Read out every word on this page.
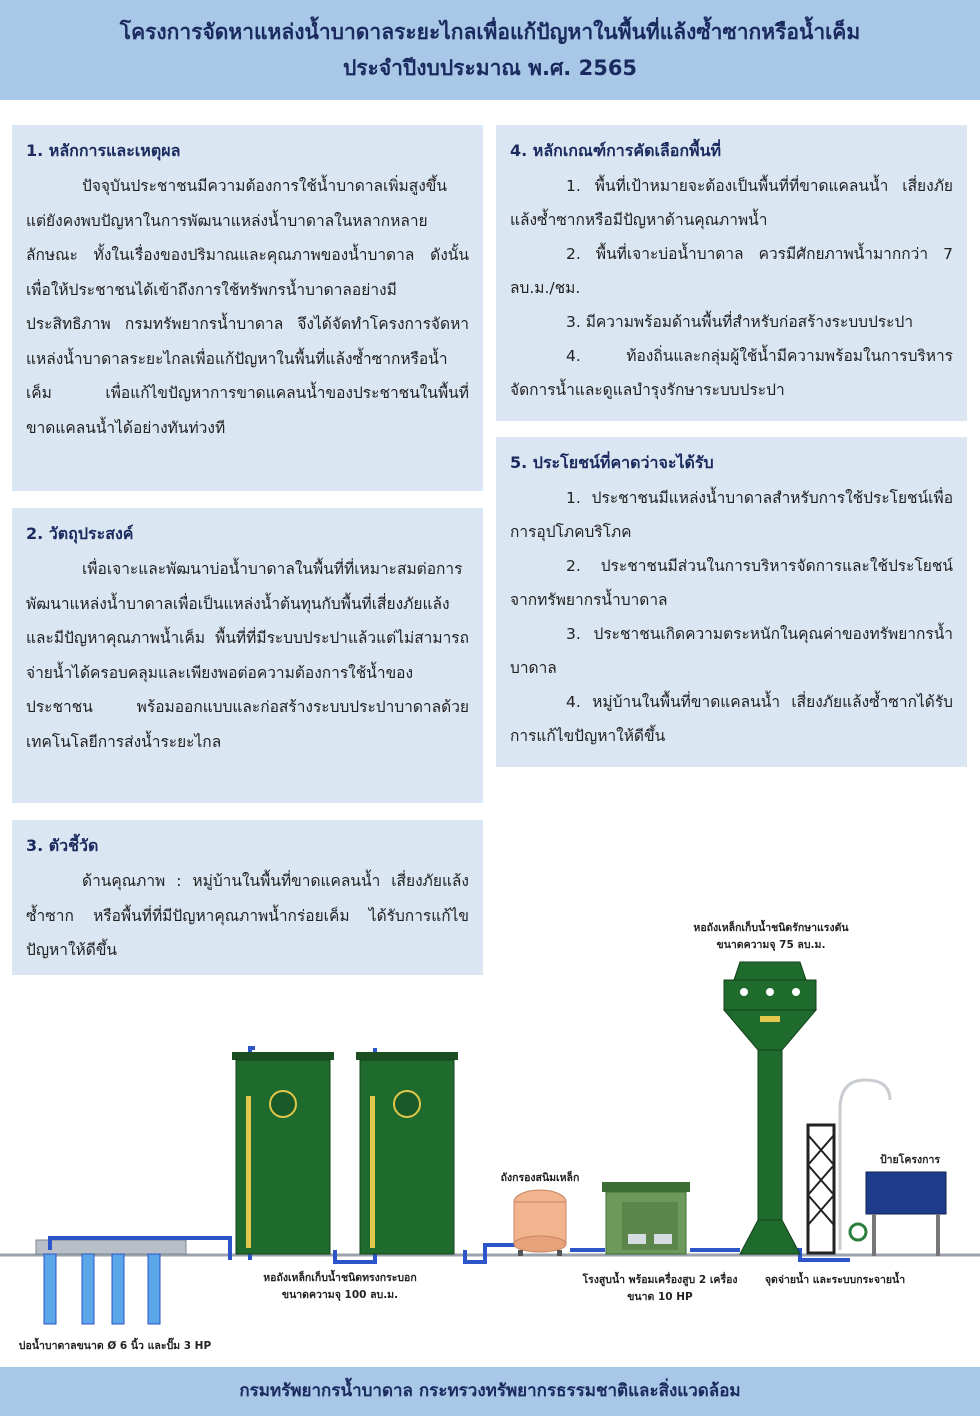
โครงการจัดหาแหล่งน้ำบาดาลระยะไกลเพื่อแก้ปัญหาในพื้นที่แล้งซ้ำซากหรือน้ำเค็ม
ประจำปีงบประมาณ พ.ศ. 2565
1. หลักการและเหตุผล

ปัจจุบันประชาชนมีความต้องการใช้น้ำบาดาลเพิ่มสูงขึ้น แต่ยังคงพบปัญหาในการพัฒนาแหล่งน้ำบาดาลในหลากหลายลักษณะ ทั้งในเรื่องของปริมาณและคุณภาพของน้ำบาดาล ดังนั้น เพื่อให้ประชาชนได้เข้าถึงการใช้ทรัพกรน้ำบาดาลอย่างมีประสิทธิภาพ กรมทรัพยากรน้ำบาดาล จึงได้จัดทำโครงการจัดหาแหล่งน้ำบาดาลระยะไกลเพื่อแก้ปัญหาในพื้นที่แล้งซ้ำซากหรือน้ำเค็ม เพื่อแก้ไขปัญหาการขาดแคลนน้ำของประชาชนในพื้นที่ขาดแคลนน้ำได้อย่างทันท่วงที

2. วัตถุประสงค์

เพื่อเจาะและพัฒนาบ่อน้ำบาดาลในพื้นที่ที่เหมาะสมต่อการพัฒนาแหล่งน้ำบาดาลเพื่อเป็นแหล่งน้ำต้นทุนกับพื้นที่เสี่ยงภัยแล้งและมีปัญหาคุณภาพน้ำเค็ม พื้นที่ที่มีระบบประปาแล้วแต่ไม่สามารถจ่ายน้ำได้ครอบคลุมและเพียงพอต่อความต้องการใช้น้ำของประชาชน พร้อมออกแบบและก่อสร้างระบบประปาบาดาลด้วยเทคโนโลยีการส่งน้ำระยะไกล

3. ตัวชี้วัด

ด้านคุณภาพ : หมู่บ้านในพื้นที่ขาดแคลนน้ำ เสี่ยงภัยแล้งซ้ำซาก หรือพื้นที่ที่มีปัญหาคุณภาพน้ำกร่อยเค็ม ได้รับการแก้ไขปัญหาให้ดีขึ้น

4. หลักเกณฑ์การคัดเลือกพื้นที่

1. พื้นที่เป้าหมายจะต้องเป็นพื้นที่ที่ขาดแคลนน้ำ เสี่ยงภัยแล้งซ้ำซากหรือมีปัญหาด้านคุณภาพน้ำ

2. พื้นที่เจาะบ่อน้ำบาดาล ควรมีศักยภาพน้ำมากกว่า 7 ลบ.ม./ชม.

3. มีความพร้อมด้านพื้นที่สำหรับก่อสร้างระบบประปา

4. ท้องถิ่นและกลุ่มผู้ใช้น้ำมีความพร้อมในการบริหารจัดการน้ำและดูแลบำรุงรักษาระบบประปา

5. ประโยชน์ที่คาดว่าจะได้รับ

1. ประชาชนมีแหล่งน้ำบาดาลสำหรับการใช้ประโยชน์เพื่อการอุปโภคบริโภค

2. ประชาชนมีส่วนในการบริหารจัดการและใช้ประโยชน์จากทรัพยากรน้ำบาดาล

3. ประชาชนเกิดความตระหนักในคุณค่าของทรัพยากรน้ำบาดาล

4. หมู่บ้านในพื้นที่ขาดแคลนน้ำ เสี่ยงภัยแล้งซ้ำซากได้รับการแก้ไขปัญหาให้ดีขึ้น

หอถังเหล็กเก็บน้ำชนิดรักษาแรงดัน
ขนาดความจุ 75 ลบ.ม.
ถังกรองสนิมเหล็ก
ป้ายโครงการ
หอถังเหล็กเก็บน้ำชนิดทรงกระบอก
ขนาดความจุ 100 ลบ.ม.
โรงสูบน้ำ พร้อมเครื่องสูบ 2 เครื่อง
ขนาด 10 HP
จุดจ่ายน้ำ และระบบกระจายน้ำ
บ่อน้ำบาดาลขนาด Ø 6 นิ้ว และปั๊ม 3 HP
กรมทรัพยากรน้ำบาดาล กระทรวงทรัพยากรธรรมชาติและสิ่งแวดล้อม
